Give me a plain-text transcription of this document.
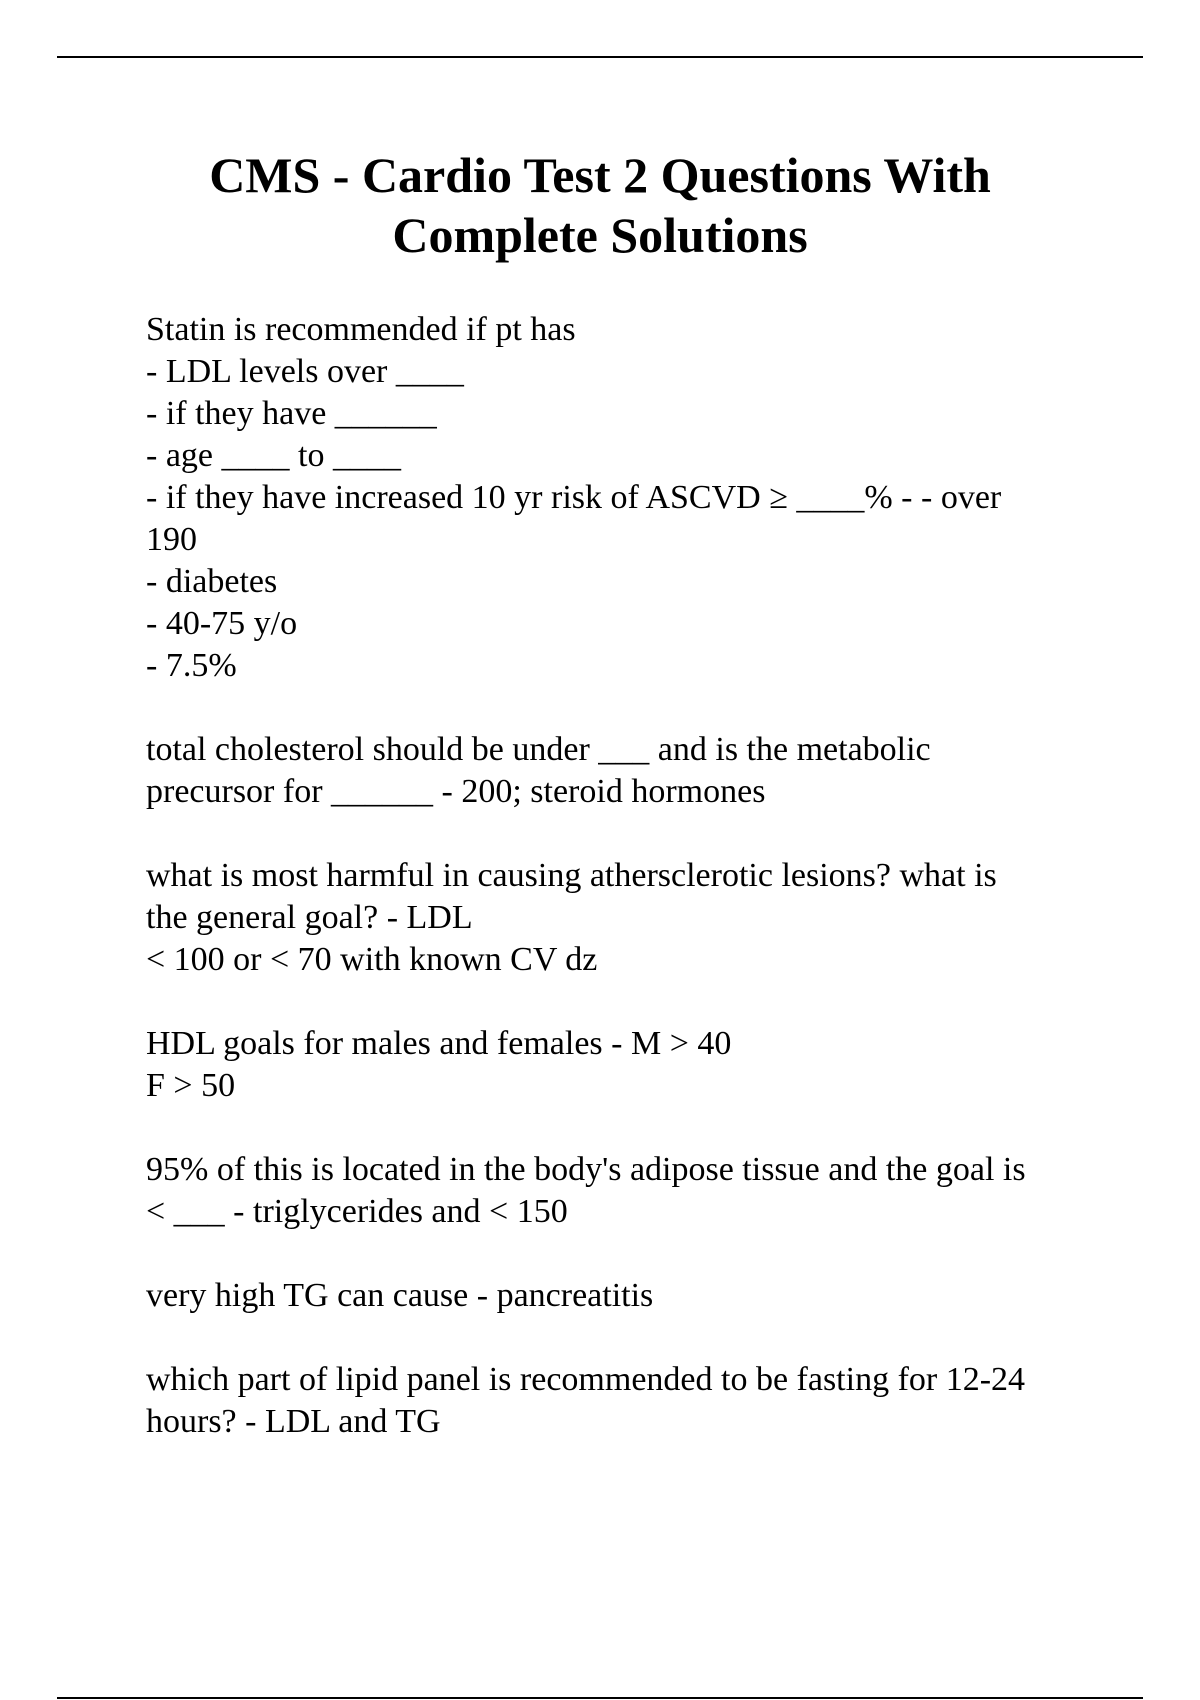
CMS - Cardio Test 2 Questions With
Complete Solutions
Statin is recommended if pt has
- LDL levels over ____
- if they have ______
- age ____ to ____
- if they have increased 10 yr risk of ASCVD ≥ ____% - - over
190
- diabetes
- 40-75 y/o
- 7.5%
total cholesterol should be under ___ and is the metabolic
precursor for ______ - 200; steroid hormones
what is most harmful in causing athersclerotic lesions? what is
the general goal? - LDL
< 100 or < 70 with known CV dz
HDL goals for males and females - M > 40
F > 50
95% of this is located in the body's adipose tissue and the goal is
< ___ - triglycerides and < 150
very high TG can cause - pancreatitis
which part of lipid panel is recommended to be fasting for 12-24
hours? - LDL and TG
